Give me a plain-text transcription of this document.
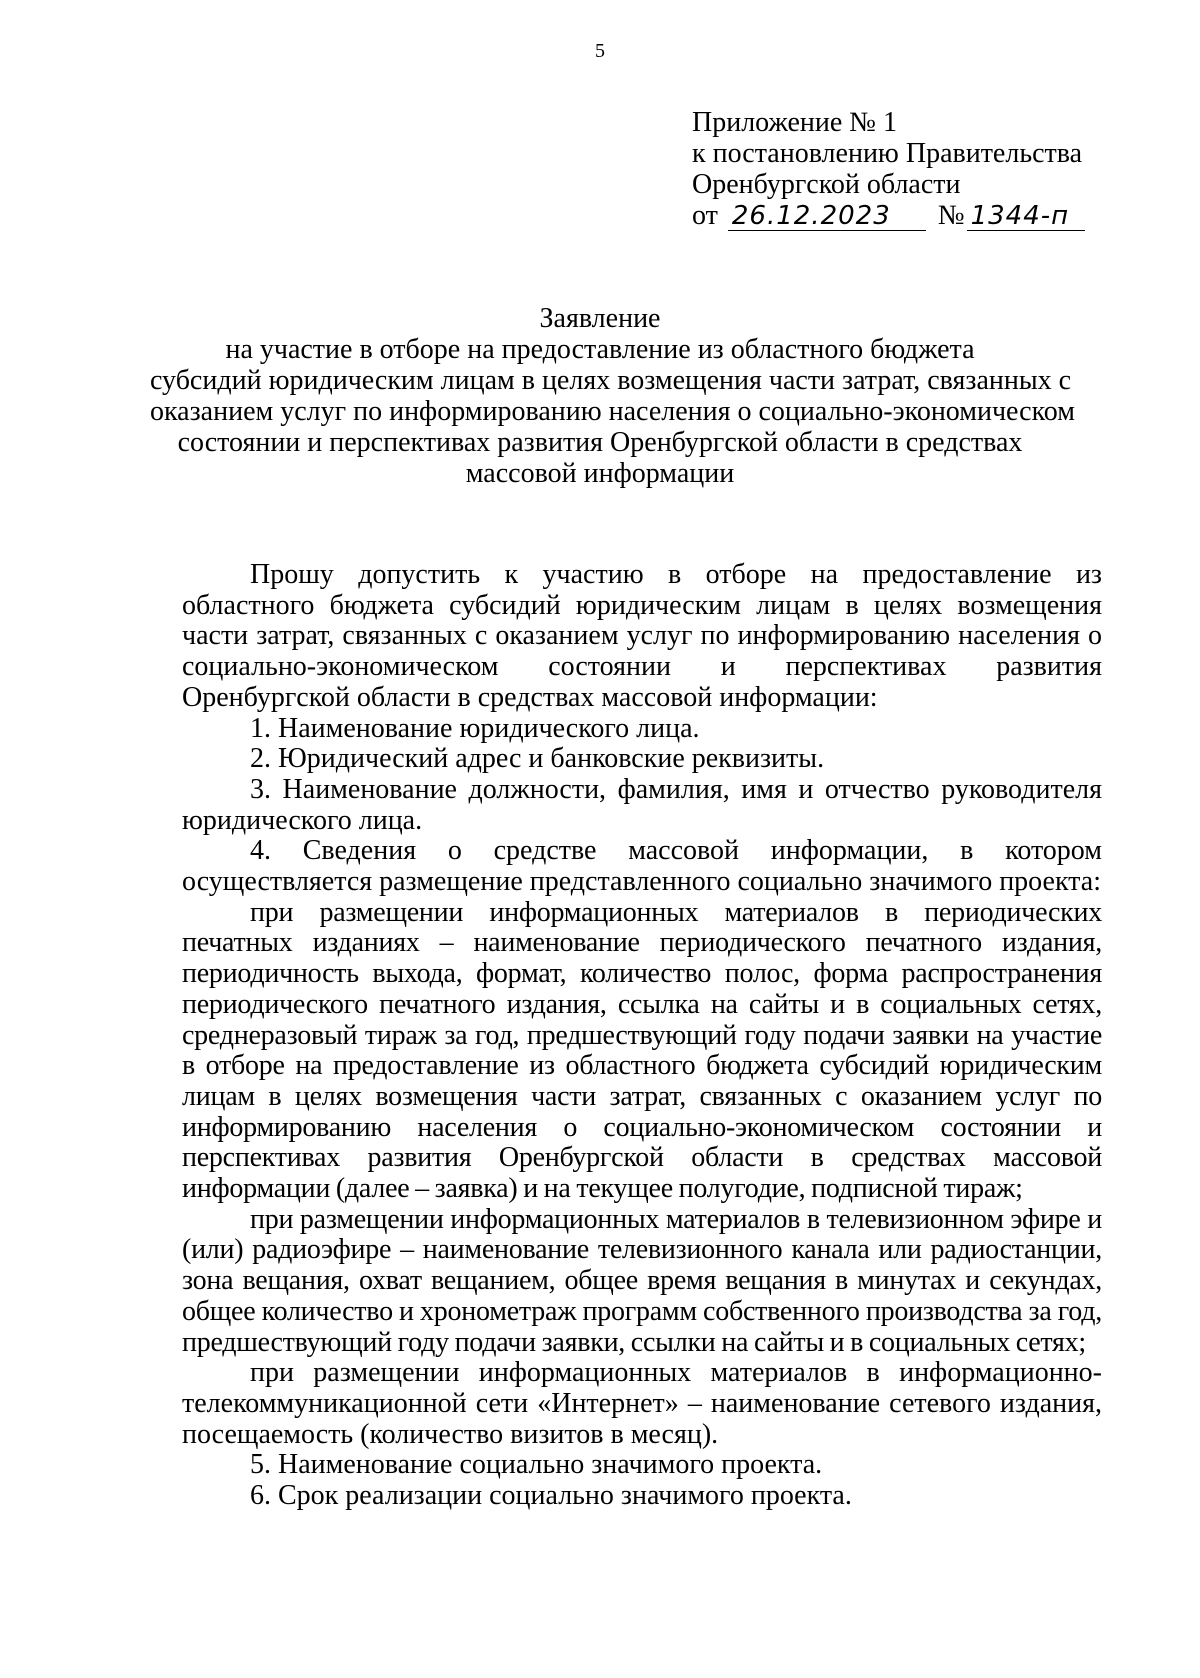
5
Приложение № 1
к постановлению Правительства
Оренбургской области
от 26.12.2023	№ 1344-п
Заявление
на участие в отборе на предоставление из областного бюджета
субсидий юридическим лицам в целях возмещения части затрат, связанных с
оказанием услуг по информированию населения о социально-экономическом
состоянии и перспективах развития Оренбургской области в средствах
массовой информации

Прошу допустить к участию в отборе на предоставление из областного бюджета субсидий юридическим лицам в целях возмещения части затрат, связанных с оказанием услуг по информированию населения о социально-экономическом состоянии и перспективах развития Оренбургской области в средствах массовой информации:

1. Наименование юридического лица.

2. Юридический адрес и банковские реквизиты.

3. Наименование должности, фамилия, имя и отчество руководителя юридического лица.

4. Сведения о средстве массовой информации, в котором осуществляется размещение представленного социально значимого проекта:

при размещении информационных материалов в периодических печатных изданиях – наименование периодического печатного издания, периодичность выхода, формат, количество полос, форма распространения периодического печатного издания, ссылка на сайты и в социальных сетях, среднеразовый тираж за год, предшествующий году подачи заявки на участие в отборе на предоставление из областного бюджета субсидий юридическим лицам в целях возмещения части затрат, связанных с оказанием услуг по информированию населения о социально-экономическом состоянии и перспективах развития Оренбургской области в средствах массовой информации (далее – заявка) и на текущее полугодие, подписной тираж;

при размещении информационных материалов в телевизионном эфире и (или) радиоэфире – наименование телевизионного канала или радиостанции, зона вещания, охват вещанием, общее время вещания в минутах и секундах, общее количество и хронометраж программ собственного производства за год, предшествующий году подачи заявки, ссылки на сайты и в социальных сетях;

при размещении информационных материалов в информационно-телекоммуникационной сети «Интернет» – наименование сетевого издания, посещаемость (количество визитов в месяц).

5. Наименование социально значимого проекта.

6. Срок реализации социально значимого проекта.
